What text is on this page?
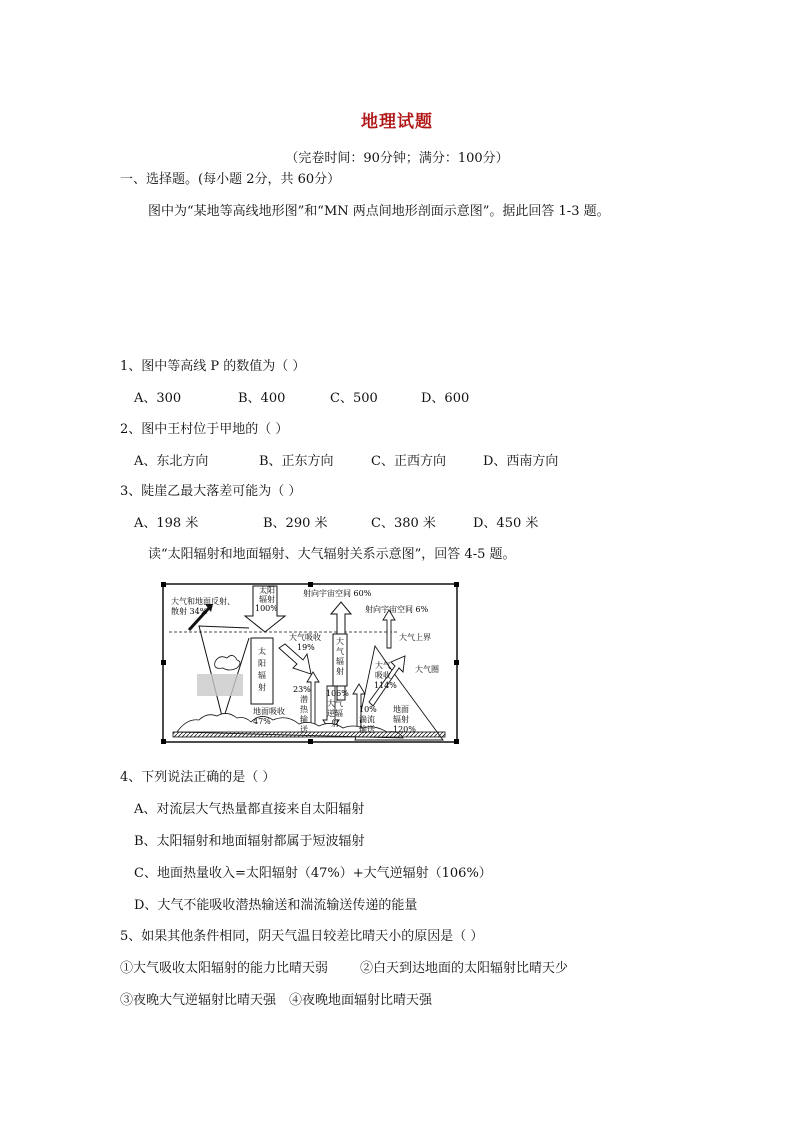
地理试题
（完卷时间：90分钟；满分：100分）
一、选择题。(每小题 2分，共 60分）
图中为“某地等高线地形图”和“MN 两点间地形剖面示意图”。据此回答 1-3 题。
1、图中等高线 P 的数值为（ ）
A、300	B、400	C、500	D、600
2、图中王村位于甲地的（ ）
A、东北方向	B、正东方向	C、正西方向	D、西南方向
3、陡崖乙最大落差可能为（ ）
A、198 米	B、290 米	C、380 米	D、450 米
读“太阳辐射和地面辐射、大气辐射关系示意图”，回答 4-5 题。
大气和地面反射、
散射 34%
太 阳
辐 射
100%
射向宇宙空间 60%
射向宇宙空间 6%
大气上界
大气吸收
19%
大
气
辐
射
太
阳
辐
射
大气
吸收
114%
大气圈
23%
潜
热
输
送
106%
大气
逆辐
射
10%
湍流
输送
地面吸收
47%
地面
辐射
120%
4、下列说法正确的是（ ）
A、对流层大气热量都直接来自太阳辐射
B、太阳辐射和地面辐射都属于短波辐射
C、地面热量收入=太阳辐射（47%）+大气逆辐射（106%）
D、大气不能吸收潜热输送和湍流输送传递的能量
5、如果其他条件相同，阴天气温日较差比晴天小的原因是（ ）
①大气吸收太阳辐射的能力比晴天弱 ②白天到达地面的太阳辐射比晴天少
③夜晚大气逆辐射比晴天强 ④夜晚地面辐射比晴天强
